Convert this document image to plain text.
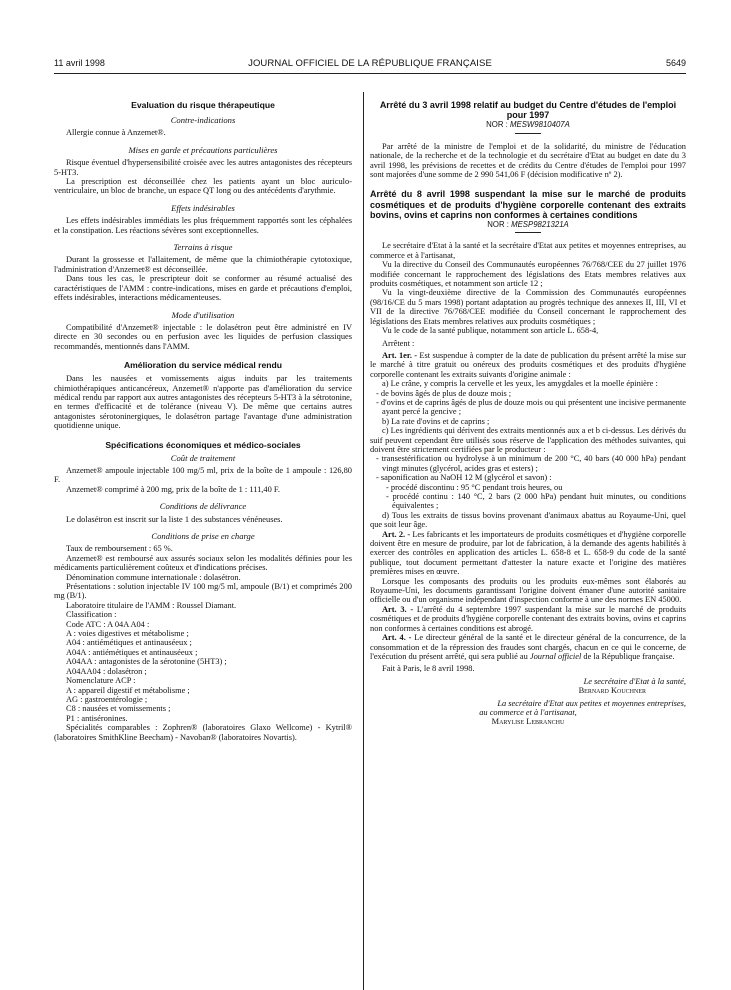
11 avril 1998	JOURNAL OFFICIEL DE LA RÉPUBLIQUE FRANÇAISE	5649

Evaluation du risque thérapeutique

Contre-indications

Allergie connue à Anzemet®.

Mises en garde et précautions particulières

Risque éventuel d'hypersensibilité croisée avec les autres antagonistes des récepteurs 5-HT3.

La prescription est déconseillée chez les patients ayant un bloc auriculo-ventriculaire, un bloc de branche, un espace QT long ou des antécédents d'arythmie.

Effets indésirables

Les effets indésirables immédiats les plus fréquemment rapportés sont les céphalées et la constipation. Les réactions sévères sont exceptionnelles.

Terrains à risque

Durant la grossesse et l'allaitement, de même que la chimiothérapie cytotoxique, l'administration d'Anzemet® est déconseillée.

Dans tous les cas, le prescripteur doit se conformer au résumé actualisé des caractéristiques de l'AMM : contre-indications, mises en garde et précautions d'emploi, effets indésirables, interactions médicamenteuses.

Mode d'utilisation

Compatibilité d'Anzemet® injectable : le dolasétron peut être administré en IV directe en 30 secondes ou en perfusion avec les liquides de perfusion classiques recommandés, mentionnés dans l'AMM.

Amélioration du service médical rendu

Dans les nausées et vomissements aigus induits par les traitements chimiothérapiques anticancéreux, Anzemet® n'apporte pas d'amélioration du service médical rendu par rapport aux autres antagonistes des récepteurs 5-HT3 à la sétrotonine, en termes d'efficacité et de tolérance (niveau V). De même que certains autres antagonistes sérotoninergiques, le dolasétron partage l'avantage d'une administration quotidienne unique.

Spécifications économiques et médico-sociales

Coût de traitement

Anzemet® ampoule injectable 100 mg/5 ml, prix de la boîte de 1 ampoule : 126,80 F.

Anzemet® comprimé à 200 mg, prix de la boîte de 1 : 111,40 F.

Conditions de délivrance

Le dolasétron est inscrit sur la liste 1 des substances vénéneuses.

Conditions de prise en charge

Taux de remboursement : 65 %.

Anzemet® est remboursé aux assurés sociaux selon les modalités définies pour les médicaments particulièrement coûteux et d'indications précises.

Dénomination commune internationale : dolasétron.

Présentations : solution injectable IV 100 mg/5 ml, ampoule (B/1) et comprimés 200 mg (B/1).

Laboratoire titulaire de l'AMM : Roussel Diamant.

Classification :

Code ATC : A 04A A04 :

A : voies digestives et métabolisme ;

A04 : antiémétiques et antinauséeux ;

A04A : antiémétiques et antinauséeux ;

A04AA : antagonistes de la sérotonine (5HT3) ;

A04AA04 : dolasétron ;

Nomenclature ACP :

A : appareil digestif et métabolisme ;

AG : gastroentérologie ;

C8 : nausées et vomissements ;

P1 : antiséronines.

Spécialités comparables : Zophren® (laboratoires Glaxo Wellcome) - Kytril® (laboratoires SmithKline Beecham) - Navoban® (laboratoires Novartis).

Arrêté du 3 avril 1998 relatif au budget du Centre d'études de l'emploi pour 1997

NOR : MESW9810407A

Par arrêté de la ministre de l'emploi et de la solidarité, du ministre de l'éducation nationale, de la recherche et de la technologie et du secrétaire d'Etat au budget en date du 3 avril 1998, les prévisions de recettes et de crédits du Centre d'études de l'emploi pour 1997 sont majorées d'une somme de 2 990 541,06 F (décision modificative nº 2).

Arrêté du 8 avril 1998 suspendant la mise sur le marché de produits cosmétiques et de produits d'hygiène corporelle contenant des extraits bovins, ovins et caprins non conformes à certaines conditions

NOR : MESP9821321A

Le secrétaire d'Etat à la santé et la secrétaire d'Etat aux petites et moyennes entreprises, au commerce et à l'artisanat,

Vu la directive du Conseil des Communautés européennes 76/768/CEE du 27 juillet 1976 modifiée concernant le rapprochement des législations des Etats membres relatives aux produits cosmétiques, et notamment son article 12 ;

Vu la vingt-deuxième directive de la Commission des Communautés européennes (98/16/CE du 5 mars 1998) portant adaptation au progrès technique des annexes II, III, VI et VII de la directive 76/768/CEE modifiée du Conseil concernant le rapprochement des législations des Etats membres relatives aux produits cosmétiques ;

Vu le code de la santé publique, notamment son article L. 658-4,

Arrêtent :

Art. 1er. - Est suspendue à compter de la date de publication du présent arrêté la mise sur le marché à titre gratuit ou onéreux des produits cosmétiques et des produits d'hygiène corporelle contenant les extraits suivants d'origine animale :

a) Le crâne, y compris la cervelle et les yeux, les amygdales et la moelle épinière :

- de bovins âgés de plus de douze mois ;

- d'ovins et de caprins âgés de plus de douze mois ou qui présentent une incisive permanente ayant percé la gencive ;

b) La rate d'ovins et de caprins ;

c) Les ingrédients qui dérivent des extraits mentionnés aux a et b ci-dessus. Les dérivés du suif peuvent cependant être utilisés sous réserve de l'application des méthodes suivantes, qui doivent être strictement certifiées par le producteur :

- transestérification ou hydrolyse à un minimum de 200 °C, 40 bars (40 000 hPa) pendant vingt minutes (glycérol, acides gras et esters) ;

- saponification au NaOH 12 M (glycérol et savon) :

- procédé discontinu : 95 °C pendant trois heures, ou

- procédé continu : 140 °C, 2 bars (2 000 hPa) pendant huit minutes, ou conditions équivalentes ;

d) Tous les extraits de tissus bovins provenant d'animaux abattus au Royaume-Uni, quel que soit leur âge.

Art. 2. - Les fabricants et les importateurs de produits cosmétiques et d'hygiène corporelle doivent être en mesure de produire, par lot de fabrication, à la demande des agents habilités à exercer des contrôles en application des articles L. 658-8 et L. 658-9 du code de la santé publique, tout document permettant d'attester la nature exacte et l'origine des matières premières mises en œuvre.

Lorsque les composants des produits ou les produits eux-mêmes sont élaborés au Royaume-Uni, les documents garantissant l'origine doivent émaner d'une autorité sanitaire officielle ou d'un organisme indépendant d'inspection conforme à une des normes EN 45000.

Art. 3. - L'arrêté du 4 septembre 1997 suspendant la mise sur le marché de produits cosmétiques et de produits d'hygiène corporelle contenant des extraits bovins, ovins et caprins non conformes à certaines conditions est abrogé.

Art. 4. - Le directeur général de la santé et le directeur général de la concurrence, de la consommation et de la répression des fraudes sont chargés, chacun en ce qui le concerne, de l'exécution du présent arrêté, qui sera publié au Journal officiel de la République française.

Fait à Paris, le 8 avril 1998.

Le secrétaire d'Etat à la santé,

Bernard Kouchner

La secrétaire d'Etat aux petites et moyennes entreprises,

au commerce et à l'artisanat,

Marylise Lebranchu
